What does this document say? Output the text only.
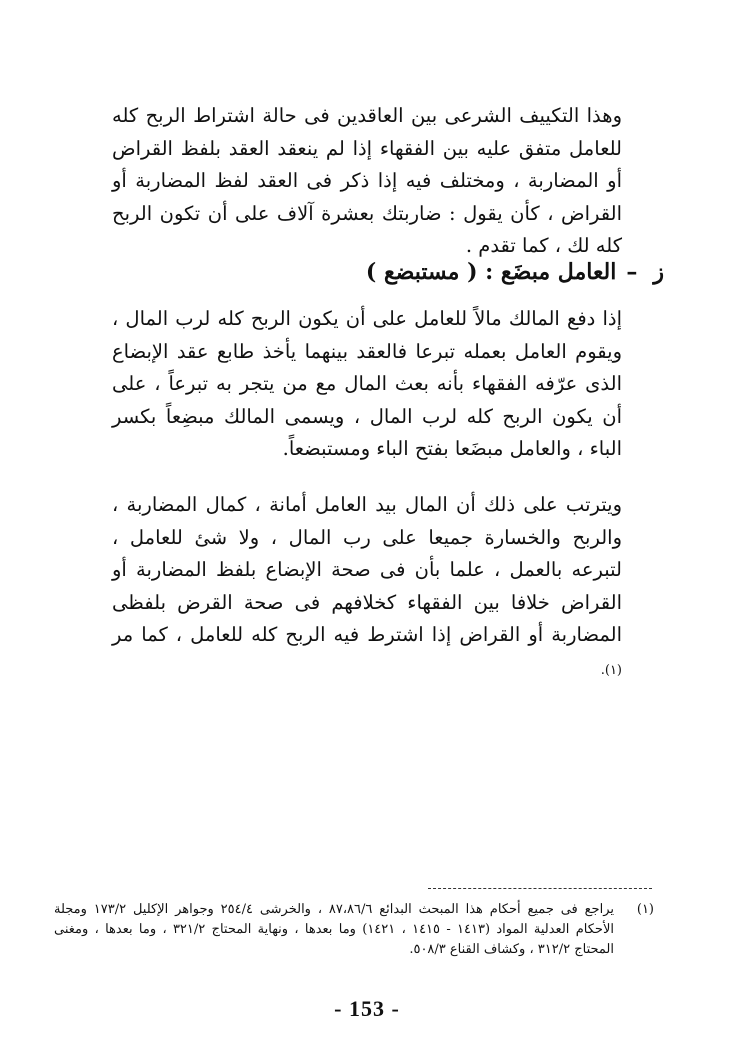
وهذا التكييف الشرعى بين العاقدين فى حالة اشتراط الربح كله للعامل متفق عليه بين الفقهاء إذا لم ينعقد العقد بلفظ القراض أو المضاربة ، ومختلف فيه إذا ذكر فى العقد لفظ المضاربة أو القراض ، كأن يقول : ضاربتك بعشرة آلاف على أن تكون الربح كله لك ، كما تقدم .

ز–العامل مبضَع : ( مستبضع )

إذا دفع المالك مالاً للعامل على أن يكون الربح كله لرب المال ، ويقوم العامل بعمله تبرعا فالعقد بينهما يأخذ طابع عقد الإبضاع الذى عرّفه الفقهاء بأنه بعث المال مع من يتجر به تبرعاً ، على أن يكون الربح كله لرب المال ، ويسمى المالك مبضِعاً بكسر الباء ، والعامل مبضَعا بفتح الباء ومستبضعاً.

ويترتب على ذلك أن المال بيد العامل أمانة ، كمال المضاربة ، والربح والخسارة جميعا على رب المال ، ولا شئ للعامل ، لتبرعه بالعمل ، علما بأن فى صحة الإبضاع بلفظ المضاربة أو القراض خلافا بين الفقهاء كخلافهم فى صحة القرض بلفظى المضاربة أو القراض إذا اشترط فيه الربح كله للعامل ، كما مر (١).

(١)
يراجع فى جميع أحكام هذا المبحث البدائع ٨٧،٨٦/٦ ، والخرشى ٢٥٤/٤ وجواهر الإكليل ١٧٣/٢ ومجلة الأحكام العدلية المواد (١٤١٣ - ١٤١٥ ، ١٤٢١) وما بعدها ، ونهاية المحتاج ٣٢١/٢ ، وما بعدها ، ومغنى المحتاج ٣١٢/٢ ، وكشاف القناع ٥٠٨/٣.
- 153 -
